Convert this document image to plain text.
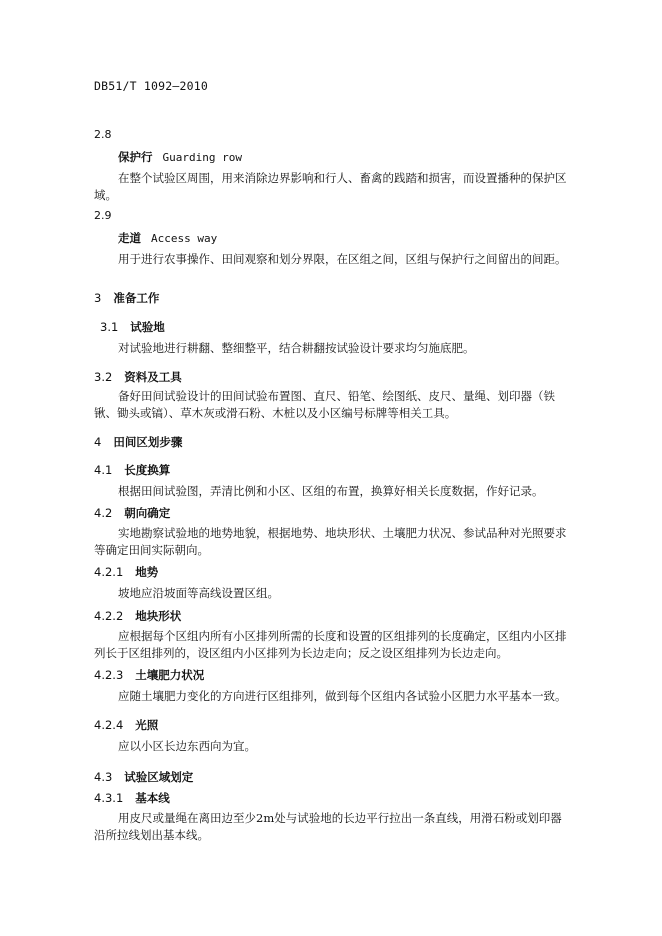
DB51/T 1092—2010
2.8
保护行 Guarding row
在整个试验区周围，用来消除边界影响和行人、畜禽的践踏和损害，而设置播种的保护区域。
2.9
走道 Access way
用于进行农事操作、田间观察和划分界限，在区组之间，区组与保护行之间留出的间距。
3 准备工作
3.1 试验地
对试验地进行耕翻、整细整平，结合耕翻按试验设计要求均匀施底肥。
3.2 资料及工具
备好田间试验设计的田间试验布置图、直尺、铅笔、绘图纸、皮尺、量绳、划印器（铁锹、锄头或镐）、草木灰或滑石粉、木桩以及小区编号标牌等相关工具。
4 田间区划步骤
4.1 长度换算
根据田间试验图，弄清比例和小区、区组的布置，换算好相关长度数据，作好记录。
4.2 朝向确定
实地勘察试验地的地势地貌，根据地势、地块形状、土壤肥力状况、参试品种对光照要求等确定田间实际朝向。
4.2.1 地势
坡地应沿坡面等高线设置区组。
4.2.2 地块形状
应根据每个区组内所有小区排列所需的长度和设置的区组排列的长度确定，区组内小区排列长于区组排列的，设区组内小区排列为长边走向；反之设区组排列为长边走向。
4.2.3 土壤肥力状况
应随土壤肥力变化的方向进行区组排列，做到每个区组内各试验小区肥力水平基本一致。
4.2.4 光照
应以小区长边东西向为宜。
4.3 试验区域划定
4.3.1 基本线
用皮尺或量绳在离田边至少2m处与试验地的长边平行拉出一条直线，用滑石粉或划印器沿所拉线划出基本线。
